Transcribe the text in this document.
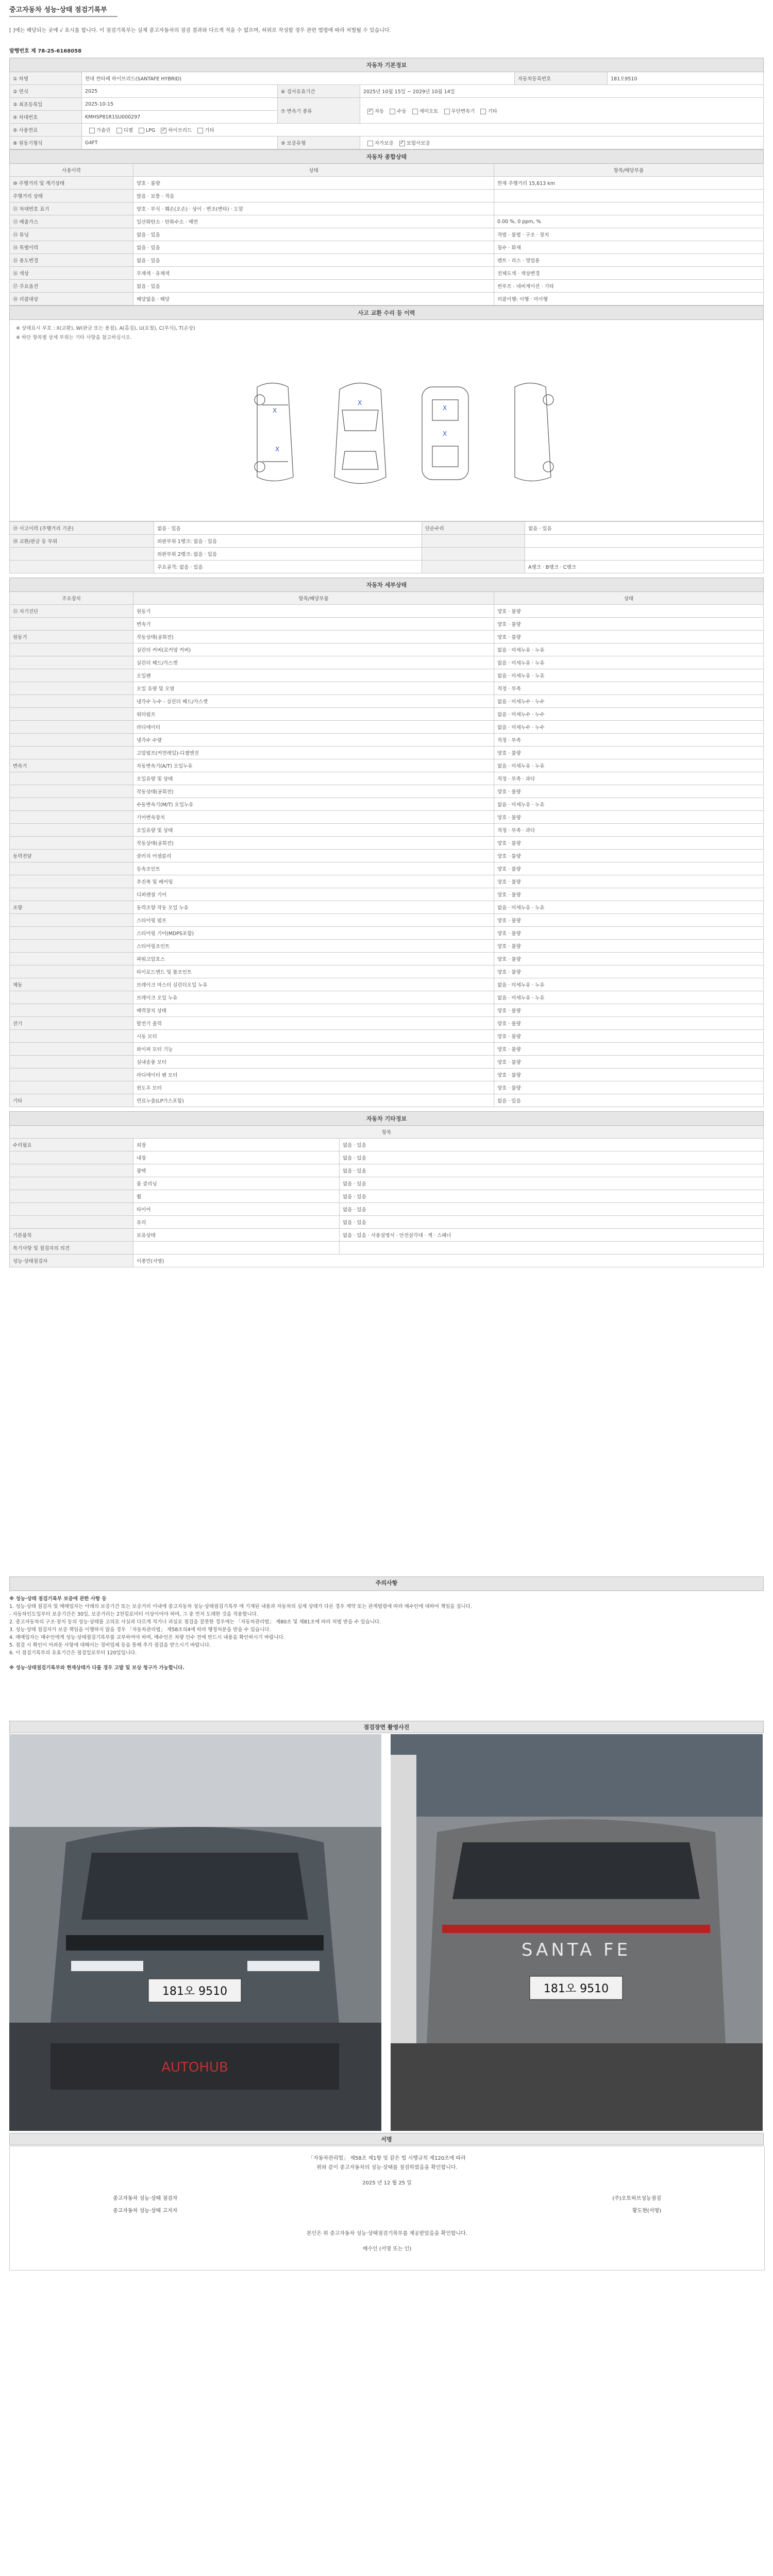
중고자동차 성능·상태 점검기록부
[ ]에는 해당되는 곳에 √ 표시를 합니다. 이 점검기록부는 실제 중고자동차의 점검 결과와 다르게 적을 수 없으며, 허위로 작성할 경우 관련 법령에 따라 처벌될 수 있습니다.
발행번호 제 78-25-6168058
자동차 기본정보					
① 차명	현대 싼타페 하이브리드(SANTAFE HYBRID)			자동차등록번호	181오9510
② 연식	2025	⑥ 검사유효기간	2025년 10월 15일 ~ 2029년 10월 14일		
③ 최초등록일	2025-10-15	⑦ 변속기 종류	✓자동 수동 세미오토 무단변속기 기타
④ 차대번호	KMHSP81R1SU000297				
⑤ 사용연료	가솔린 디젤 LPG ✓ 하이브리드 기타
⑧ 원동기형식	G4FT	⑨ 보증유형	자가보증 ✓ 보험사보증
자동차 종합상태		
사용이력	상태	항목/해당부품
⑩ 주행거리 및 계기상태	양호 · 불량	현재 주행거리 15,613 km
주행거리 상태	많음 · 보통 · 적음	
⑪ 차대번호 표기	양호 · 부식 · 훼손(오손) · 상이 · 변조(변타) · 도말	
⑫ 배출가스	일산화탄소 · 탄화수소 · 매연	0.00 %, 0 ppm, %
⑬ 튜닝	없음 · 있음	적법 · 불법 · 구조 · 장치
⑭ 특별이력	없음 · 있음	침수 · 화재
⑮ 용도변경	없음 · 있음	렌트 · 리스 · 영업용
⑯ 색상	무채색 · 유채색	전체도색 · 색상변경
⑰ 주요옵션	없음 · 있음	썬루프 · 네비게이션 · 기타
⑱ 리콜대상	해당없음 · 해당	리콜이행: 이행 · 미이행
사고 교환 수리 등 이력

※ 상태표시 부호 : X(교환), W(판금 또는 용접), A(흠집), U(요철), C(부식), T(손상)
※ 하단 항목별 상세 부위는 기타 사항을 참고하십시오.
X
X
X
X
X
⑲ 사고이력 (주행거리 기준)	없음 · 있음	단순수리	없음 · 있음
⑳ 교환/판금 등 부위	외판부위 1랭크: 없음 · 있음		
	외판부위 2랭크: 없음 · 있음		
	주요골격: 없음 · 있음		A랭크 · B랭크 · C랭크
자동차 세부상태		
주요장치	항목/해당부품	상태
⑪ 자기진단	원동기	양호 · 불량
	변속기	양호 · 불량
원동기	작동상태(공회전)	양호 · 불량
	실린더 커버(로커암 커버)	없음 · 미세누유 · 누유
	실린더 헤드/가스켓	없음 · 미세누유 · 누유
	오일팬	없음 · 미세누유 · 누유
	오일 유량 및 오염	적정 · 부족
	냉각수 누수 - 실린더 헤드/가스켓	없음 · 미세누수 · 누수
	워터펌프	없음 · 미세누수 · 누수
	라디에이터	없음 · 미세누수 · 누수
	냉각수 수량	적정 · 부족
	고압펌프(커먼레일)-디젤엔진	양호 · 불량
변속기	자동변속기(A/T) 오일누유	없음 · 미세누유 · 누유
	오일유량 및 상태	적정 · 부족 · 과다
	작동상태(공회전)	양호 · 불량
	수동변속기(M/T) 오일누유	없음 · 미세누유 · 누유
	기어변속장치	양호 · 불량
	오일유량 및 상태	적정 · 부족 · 과다
	작동상태(공회전)	양호 · 불량
동력전달	클러치 어셈블리	양호 · 불량
	등속조인트	양호 · 불량
	추진축 및 베어링	양호 · 불량
	디퍼렌셜 기어	양호 · 불량
조향	동력조향 작동 오일 누유	없음 · 미세누유 · 누유
	스티어링 펌프	양호 · 불량
	스티어링 기어(MDPS포함)	양호 · 불량
	스티어링조인트	양호 · 불량
	파워고압호스	양호 · 불량
	타이로드엔드 및 볼조인트	양호 · 불량
제동	브레이크 마스터 실린더오일 누유	없음 · 미세누유 · 누유
	브레이크 오일 누유	없음 · 미세누유 · 누유
	배력장치 상태	양호 · 불량
전기	발전기 출력	양호 · 불량
	시동 모터	양호 · 불량
	와이퍼 모터 기능	양호 · 불량
	실내송풍 모터	양호 · 불량
	라디에이터 팬 모터	양호 · 불량
	윈도우 모터	양호 · 불량
기타	연료누출(LP가스포함)	없음 · 있음
자동차 기타정보		
항목		
수리필요	외장	없음 · 있음
	내장	없음 · 있음
	광택	없음 · 있음
	룸 클리닝	없음 · 있음
	휠	없음 · 있음
	타이어	없음 · 있음
	유리	없음 · 있음
기본품목	보유상태	없음 · 있음 · 사용설명서 · 안전삼각대 · 잭 · 스패너
특기사항 및 점검자의 의견		
성능·상태점검자	이종민(서명)	
주의사항

※ 성능·상태 점검기록부 보증에 관한 사항 등

1. 성능·상태 점검자 및 매매업자는 아래의 보증기간 또는 보증거리 이내에 중고자동차 성능·상태점검기록부 에 기재된 내용과 자동차의 실제 상태가 다른 경우 계약 또는 관계법령에 따라 매수인에 대하여 책임을 집니다.

- 자동차인도일부터 보증기간은 30일, 보증거리는 2천킬로미터 이상이어야 하며, 그 중 먼저 도래한 것을 적용합니다.

2. 중고자동차의 구조·장치 등의 성능·상태를 고의로 사실과 다르게 적거나 과실로 점검을 잘못한 경우에는 「자동차관리법」 제80조 및 제81조에 따라 처벌 받을 수 있습니다.

3. 성능·상태 점검자가 보증 책임을 이행하지 않을 경우 「자동차관리법」 제58조의4에 따라 행정처분을 받을 수 있습니다.

4. 매매업자는 매수인에게 성능·상태점검기록부를 교부하여야 하며, 매수인은 차량 인수 전에 반드시 내용을 확인하시기 바랍니다.

5. 점검 시 확인이 어려운 사항에 대해서는 정비업체 등을 통해 추가 점검을 받으시기 바랍니다.

6. 이 점검기록부의 유효기간은 점검일로부터 120일입니다.

※ 성능·상태점검기록부와 현재상태가 다를 경우 고발 및 보상 청구가 가능합니다.

점검장면 촬영사진
181오 9510
AUTOHUB
SANTA FE
181오 9510
서명
「자동차관리법」 제58조 제1항 및 같은 법 시행규칙 제120조에 따라
위와 같이 중고자동차의 성능·상태를 점검하였음을 확인합니다.
2025 년 12 월 25 일
중고자동차 성능·상태 점검자	(주)오토허브성능점검
중고자동차 성능·상태 고지자	황도현(서명)
본인은 위 중고자동차 성능·상태점검기록부를 제공받았음을 확인합니다.
매수인 (서명 또는 인)
